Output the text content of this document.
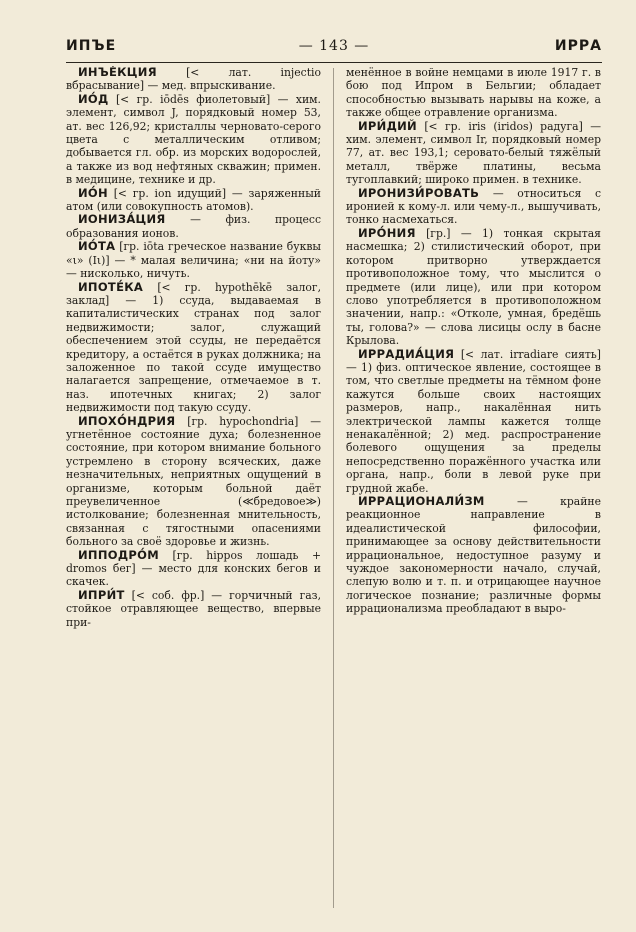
ИПЪЕ	— 143 —	ИРРА

ИНЪЕ́КЦИЯ [< лат. injectio вбрасывание] — мед. впрыскивание.

ИО́Д [< гр. iōdēs фиолетовый] — хим. элемент, символ J, порядковый номер 53, ат. вес 126,92; кристаллы черновато-серого цвета с металлическим отливом; добывается гл. обр. из морских водорослей, а также из вод нефтяных скважин; примен. в медицине, технике и др.

ИО́Н [< гр. ion идущий] — заряженный атом (или совокупность атомов).

ИОНИЗА́ЦИЯ — физ. процесс образования ионов.

ИО́ТА [гр. iōta греческое название буквы «ι» (Iι)] — * малая величина; «ни на йоту» — нисколько, ничуть.

ИПОТЕ́КА [< гр. hypothēkē залог, заклад] — 1) ссуда, выдаваемая в капиталистических странах под залог недвижимости; залог, служащий обеспечением этой ссуды, не передаётся кредитору, а остаётся в руках должника; на заложенное по такой ссуде имущество налагается запрещение, отмечаемое в т. наз. ипотечных книгах; 2) залог недвижимости под такую ссуду.

ИПОХО́НДРИЯ [гр. hypochondria] — угнетённое состояние духа; болезненное состояние, при котором внимание больного устремлено в сторону всяческих, даже незначительных, неприятных ощущений в организме, которым больной даёт преувеличенное (≪бредовое≫) истолкование; болезненная мнительность, связанная с тягостными опасениями больного за своё здоровье и жизнь.

ИППОДРО́М [гр. hippos лошадь + dromos бег] — место для конских бегов и скачек.

ИПРИ́Т [< соб. фр.] — горчичный газ, стойкое отравляющее вещество, впервые при-

менённое в войне немцами в июле 1917 г. в бою под Ипром в Бельгии; обладает способностью вызывать нарывы на коже, а также общее отравление организма.

ИРИ́ДИЙ [< гр. iris (iridos) радуга] — хим. элемент, символ Ir, порядковый номер 77, ат. вес 193,1; серовато-белый тяжёлый металл, твёрже платины, весьма тугоплавкий; широко примен. в технике.

ИРОНИЗИ́РОВАТЬ — относиться с иронией к кому-л. или чему-л., вышучивать, тонко насмехаться.

ИРО́НИЯ [гр.] — 1) тонкая скрытая насмешка; 2) стилистический оборот, при котором притворно утверждается противоположное тому, что мыслится о предмете (или лице), или при котором слово употребляется в противоположном значении, напр.: «Отколе, умная, бредёшь ты, голова?» — слова лисицы ослу в басне Крылова.

ИРРАДИА́ЦИЯ [< лат. irradiare сиять] — 1) физ. оптическое явление, состоящее в том, что светлые предметы на тёмном фоне кажутся больше своих настоящих размеров, напр., накалённая нить электрической лампы кажется толще ненакалённой; 2) мед. распространение болевого ощущения за пределы непосредственно поражённого участка или органа, напр., боли в левой руке при грудной жабе.

ИРРАЦИОНАЛИ́ЗМ — крайне реакционное направление в идеалистической философии, принимающее за основу действительности иррациональное, недоступное разуму и чуждое закономерности начало, случай, слепую волю и т. п. и отрицающее научное логическое познание; различные формы иррационализма преобладают в выро-
